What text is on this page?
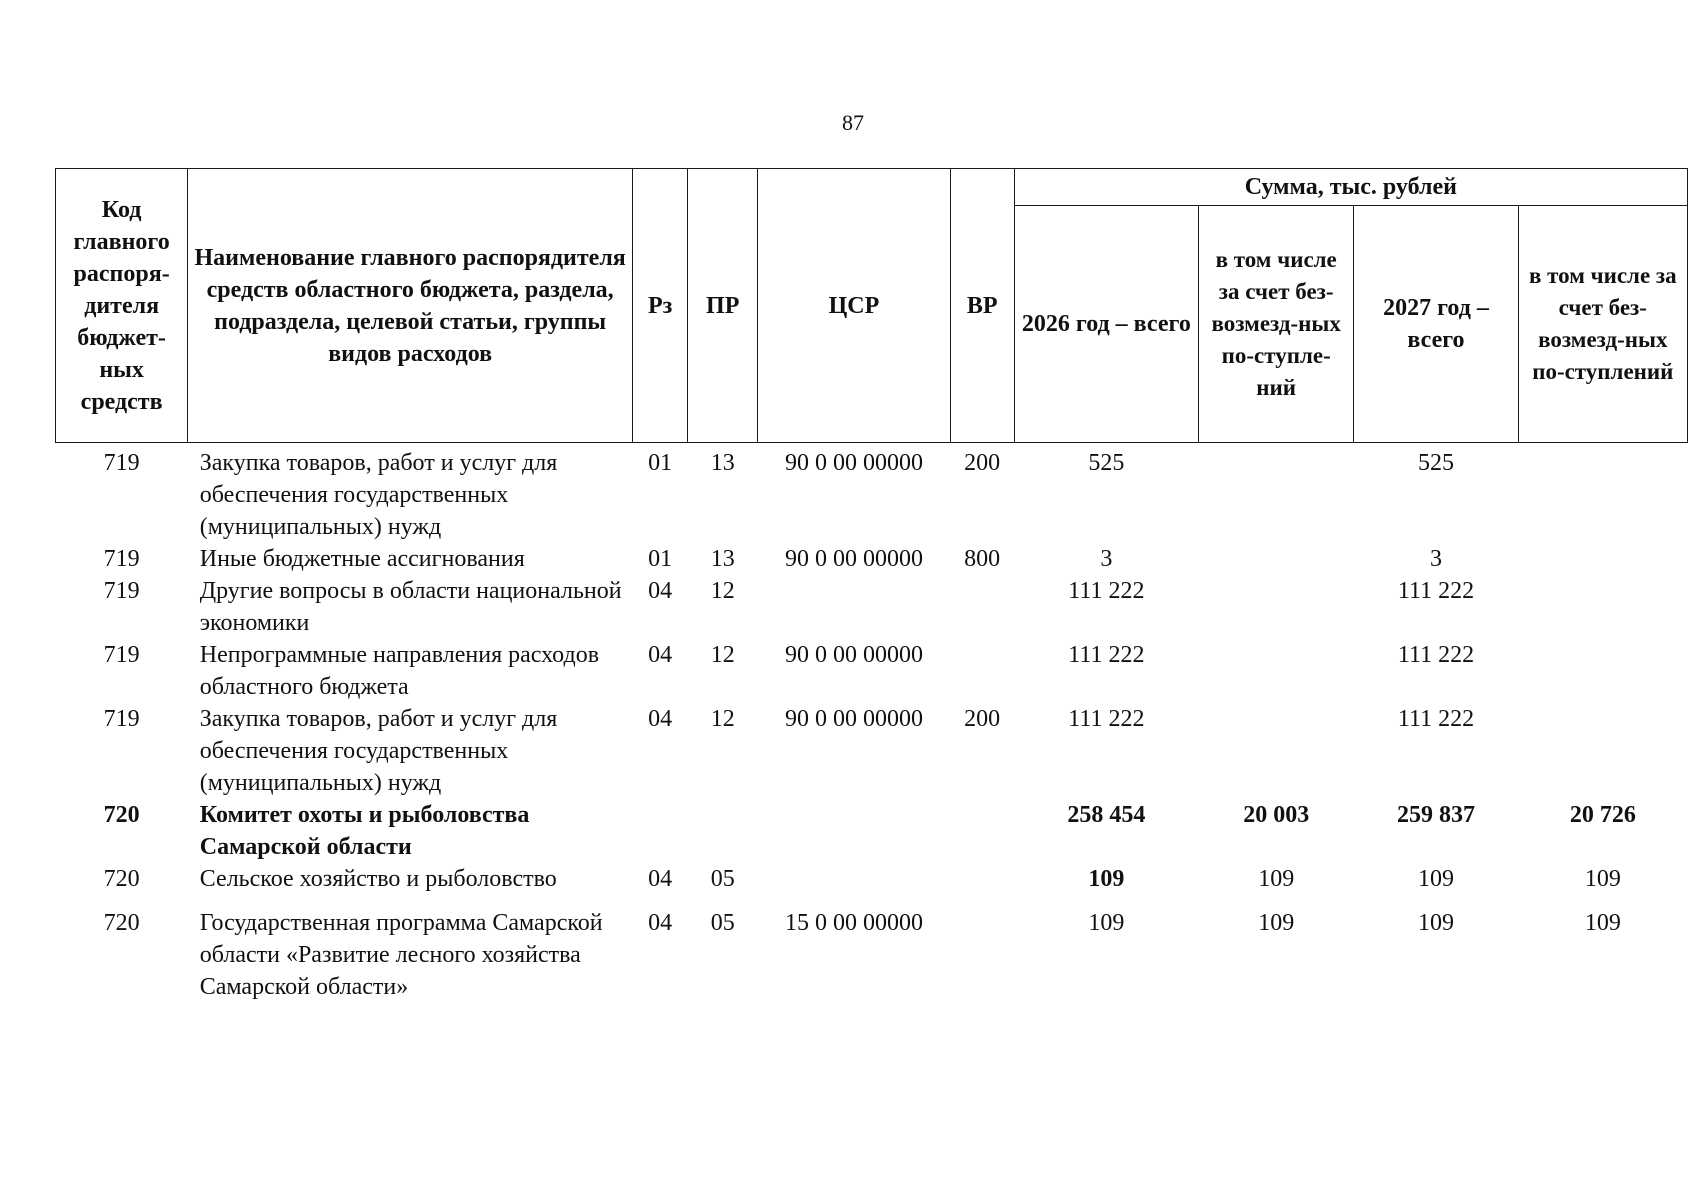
87
Код главного распоря-дителя бюджет-ных средств	Наименование главного распорядителя средств областного бюджета, раздела, подраздела, целевой статьи, группы видов расходов	Рз	ПР	ЦСР	ВР	Сумма, тыс. рублей			
						2026 год – всего	в том числе за счет без-возмезд-ных по-ступле-ний	2027 год – всего	в том числе за счет без-возмезд-ных по-ступлений
719	Закупка товаров, работ и услуг для обеспечения государственных (муниципальных) нужд	01	13	90 0 00 00000	200	525		525	
719	Иные бюджетные ассигнования	01	13	90 0 00 00000	800	3		3	
719	Другие вопросы в области национальной экономики	04	12			111 222		111 222	
719	Непрограммные направления расходов областного бюджета	04	12	90 0 00 00000		111 222		111 222	
719	Закупка товаров, работ и услуг для обеспечения государственных (муниципальных) нужд	04	12	90 0 00 00000	200	111 222		111 222	
720	Комитет охоты и рыболовства Самарской области					258 454	20 003	259 837	20 726
720	Сельское хозяйство и рыболовство	04	05			109	109	109	109
720	Государственная программа Самарской области «Развитие лесного хозяйства Самарской области»	04	05	15 0 00 00000		109	109	109	109
